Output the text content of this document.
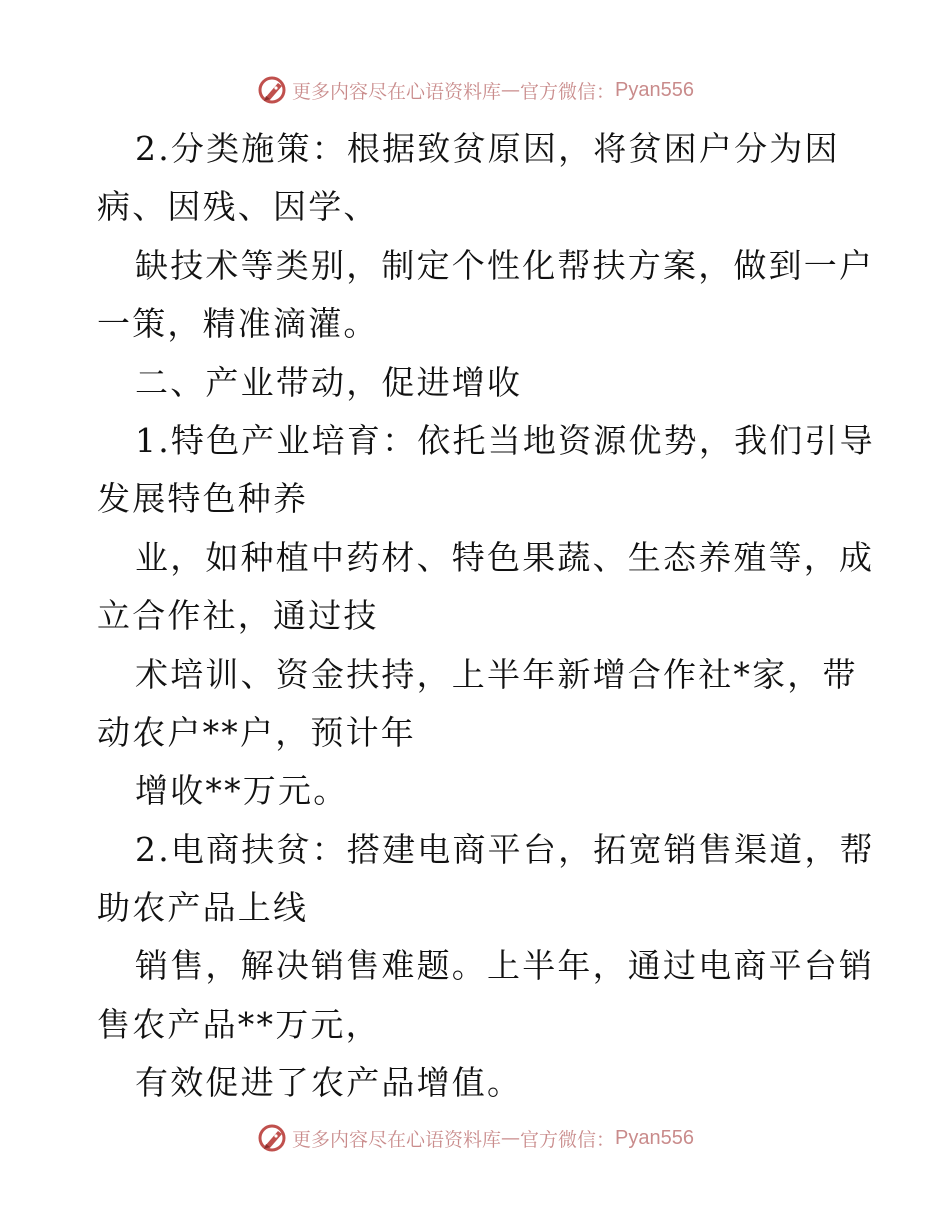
更多内容尽在心语资料库 — 官方微信： Pyan556
2.分类施策：根据致贫原因，将贫困户分为因
病、因残、因学、
缺技术等类别，制定个性化帮扶方案，做到一户
一策，精准滴灌。
二、产业带动，促进增收
1.特色产业培育：依托当地资源优势，我们引导
发展特色种养
业，如种植中药材、特色果蔬、生态养殖等，成
立合作社，通过技
术培训、资金扶持，上半年新增合作社*家，带
动农户**户，预计年
增收**万元。
2.电商扶贫：搭建电商平台，拓宽销售渠道，帮
助农产品上线
销售，解决销售难题。上半年，通过电商平台销
售农产品**万元，
有效促进了农产品增值。
更多内容尽在心语资料库 — 官方微信： Pyan556
